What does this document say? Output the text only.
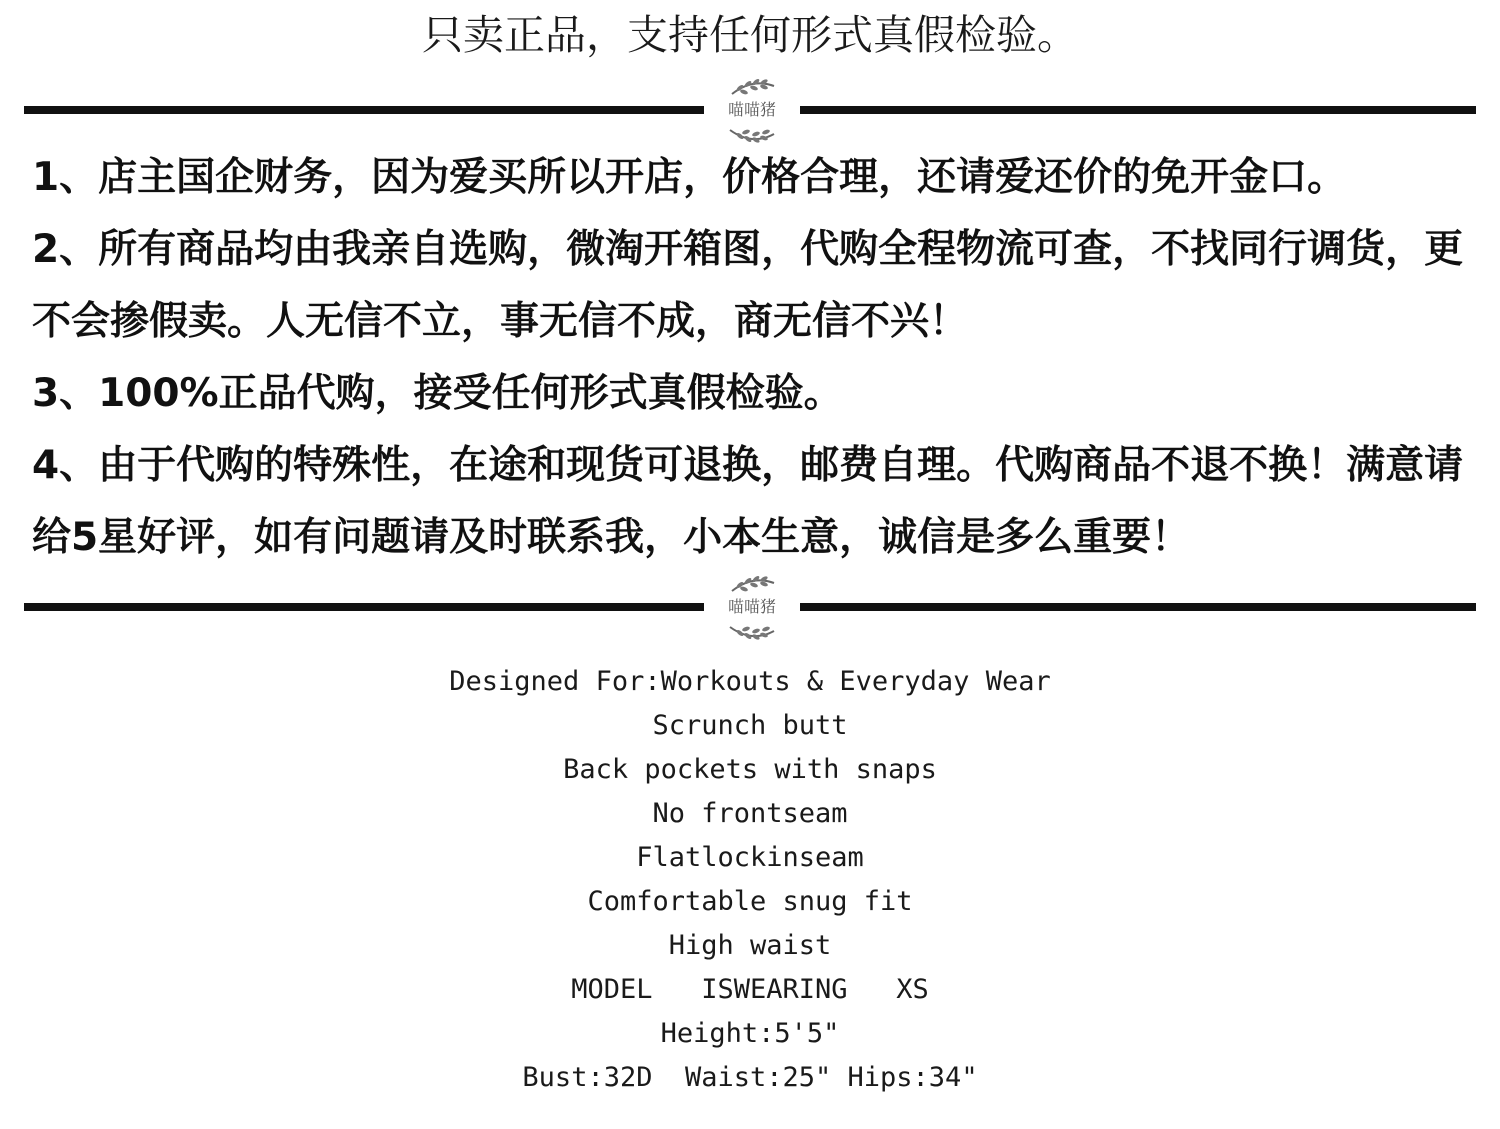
只卖正品，支持任何形式真假检验。
喵喵猪
1、店主国企财务，因为爱买所以开店，价格合理，还请爱还价的免开金口。
2、所有商品均由我亲自选购，微淘开箱图，代购全程物流可查，不找同行调货，更不会掺假卖。人无信不立，事无信不成，商无信不兴！
3、100%正品代购，接受任何形式真假检验。
4、由于代购的特殊性，在途和现货可退换，邮费自理。代购商品不退不换！满意请给5星好评，如有问题请及时联系我，小本生意，诚信是多么重要！
喵喵猪
Designed For:Workouts & Everyday Wear
Scrunch butt
Back pockets with snaps
No frontseam
Flatlockinseam
Comfortable snug fit
High waist
MODEL   ISWEARING   XS
Height:5'5"
Bust:32D  Waist:25" Hips:34"
